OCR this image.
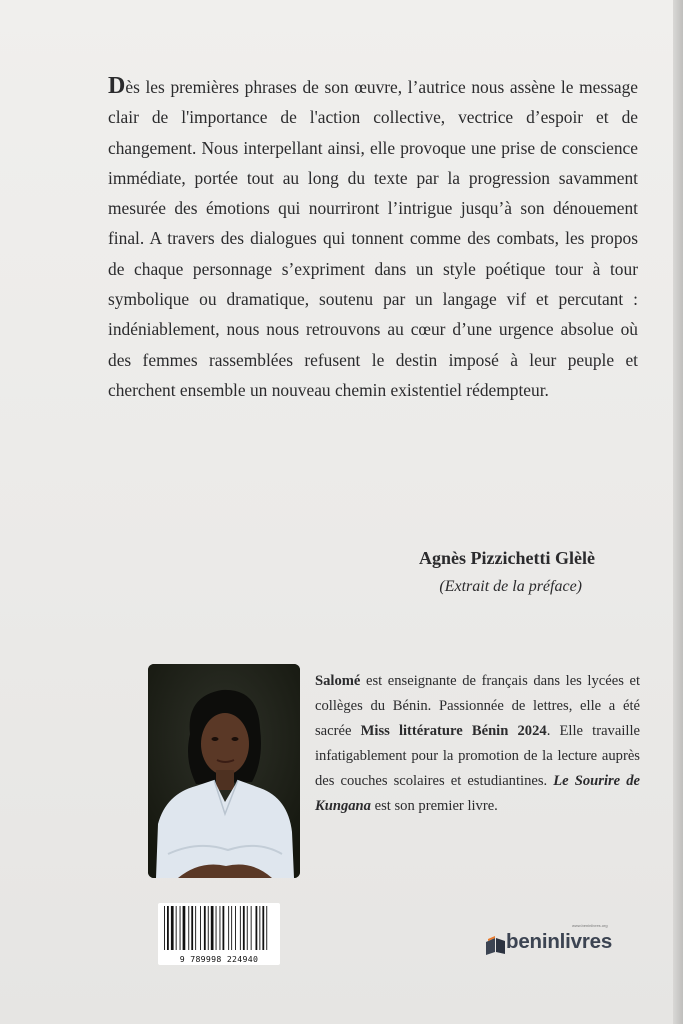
Dès les premières phrases de son œuvre, l’autrice nous assène le message clair de l'importance de l'action collective, vectrice d’espoir et de changement. Nous interpellant ainsi, elle provoque une prise de conscience immédiate, portée tout au long du texte par la progression savamment mesurée des émotions qui nourriront l’intrigue jusqu’à son dénouement final. A travers des dialogues qui tonnent comme des combats, les propos de chaque personnage s’expriment dans un style poétique tour à tour symbolique ou dramatique, soutenu par un langage vif et percutant : indéniablement, nous nous retrouvons au cœur d’une urgence absolue où des femmes rassemblées refusent le destin imposé à leur peuple et cherchent ensemble un nouveau chemin existentiel rédempteur.

Agnès Pizzichetti Glèlè

(Extrait de la préface)

Salomé est enseignante de français dans les lycées et collèges du Bénin. Passionnée de lettres, elle a été sacrée Miss littérature Bénin 2024. Elle travaille infatigablement pour la promotion de la lecture auprès des couches scolaires et estudiantines. Le Sourire de Kungana est son premier livre.

9 789998 224940
beninlivres
www.beninlivres.org
